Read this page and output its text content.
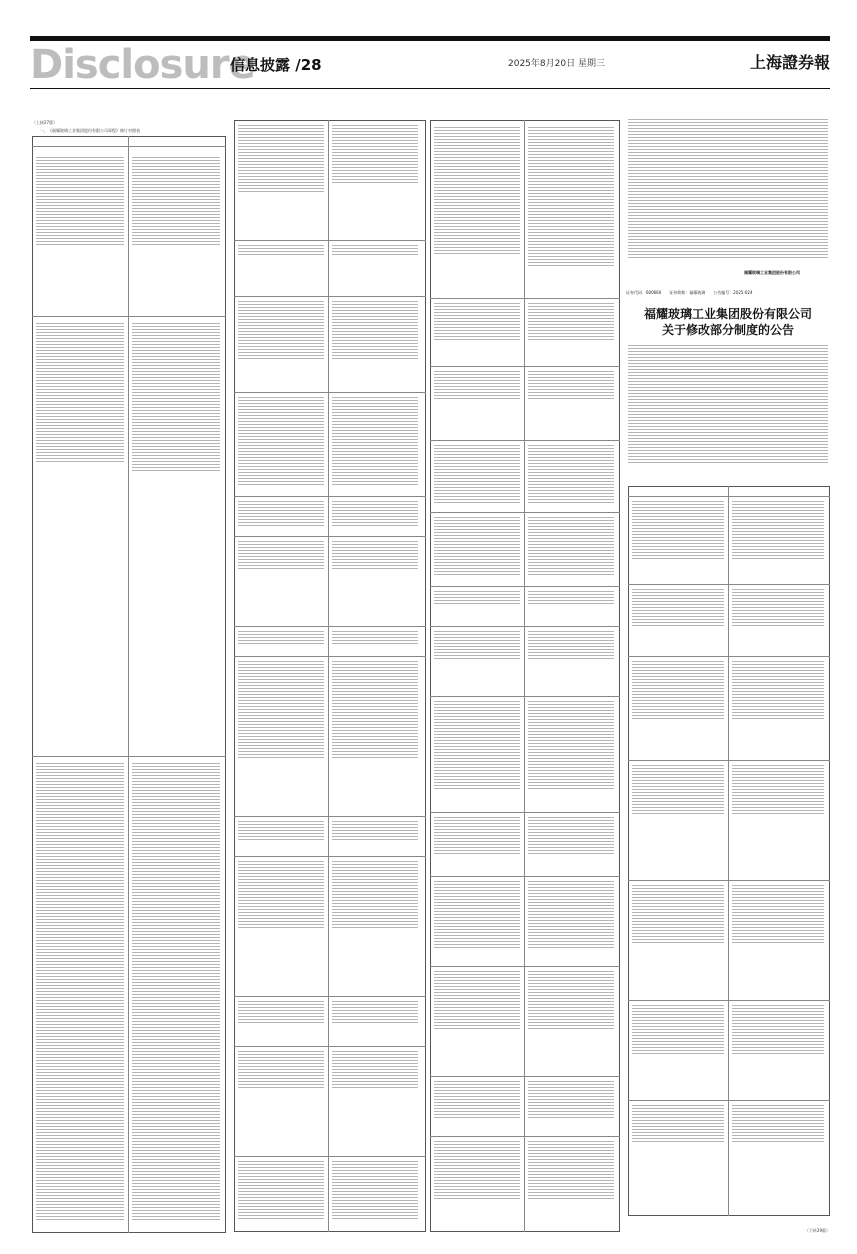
Disclosure
信息披露 /28	2025年8月20日 星期三	上海證券報
（上接27版）
一、《福耀玻璃工业集团股份有限公司章程》修订对照表
福耀玻璃工业集团股份有限公司
证券代码：600660　　证券简称：福耀玻璃　　公告编号：2025-024
福耀玻璃工业集团股份有限公司
关于修改部分制度的公告
（下转29版）
